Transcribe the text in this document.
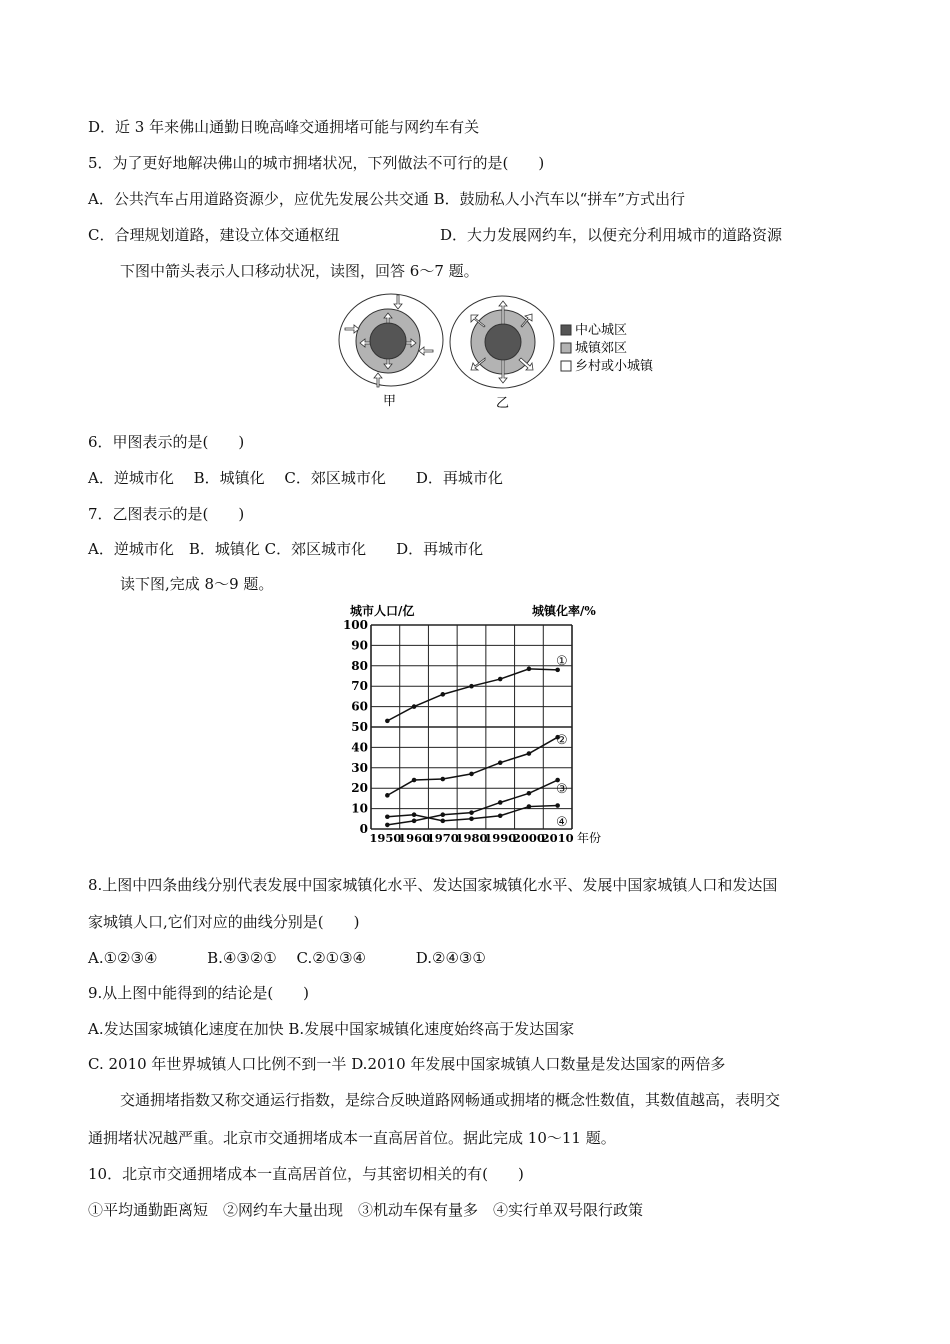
D．近 3 年来佛山通勤日晚高峰交通拥堵可能与网约车有关
5．为了更好地解决佛山的城市拥堵状况，下列做法不可行的是(　　)
A．公共汽车占用道路资源少，应优先发展公共交通 B．鼓励私人小汽车以“拼车”方式出行
C．合理规划道路，建设立体交通枢纽	D．大力发展网约车，以便充分利用城市的道路资源
下图中箭头表示人口移动状况，读图，回答 6～7 题。
甲	乙
中心城区
城镇郊区
乡村或小城镇
6．甲图表示的是(　　)
A．逆城市化　 B．城镇化　 C．郊区城市化　　D．再城市化
7．乙图表示的是(　　)
A．逆城市化　B．城镇化 C．郊区城市化　　D．再城市化
读下图,完成 8～9 题。
城市人口/亿	城镇化率/%
0
10
20
30
40
50
60
70
80
90
100
1950
1960
1970
1980
1990
2000
2010 年份
①
②
③
④
8.上图中四条曲线分别代表发展中国家城镇化水平、发达国家城镇化水平、发展中国家城镇人口和发达国
家城镇人口,它们对应的曲线分别是(　　)
A.①②③④　　　 B.④③②①　 C.②①③④　　　 D.②④③①
9.从上图中能得到的结论是(　　)
A.发达国家城镇化速度在加快 B.发展中国家城镇化速度始终高于发达国家
C. 2010 年世界城镇人口比例不到一半 D.2010 年发展中国家城镇人口数量是发达国家的两倍多
交通拥堵指数又称交通运行指数，是综合反映道路网畅通或拥堵的概念性数值，其数值越高，表明交
通拥堵状况越严重。北京市交通拥堵成本一直高居首位。据此完成 10～11 题。
10．北京市交通拥堵成本一直高居首位，与其密切相关的有(　　)
①平均通勤距离短　②网约车大量出现　③机动车保有量多　④实行单双号限行政策
